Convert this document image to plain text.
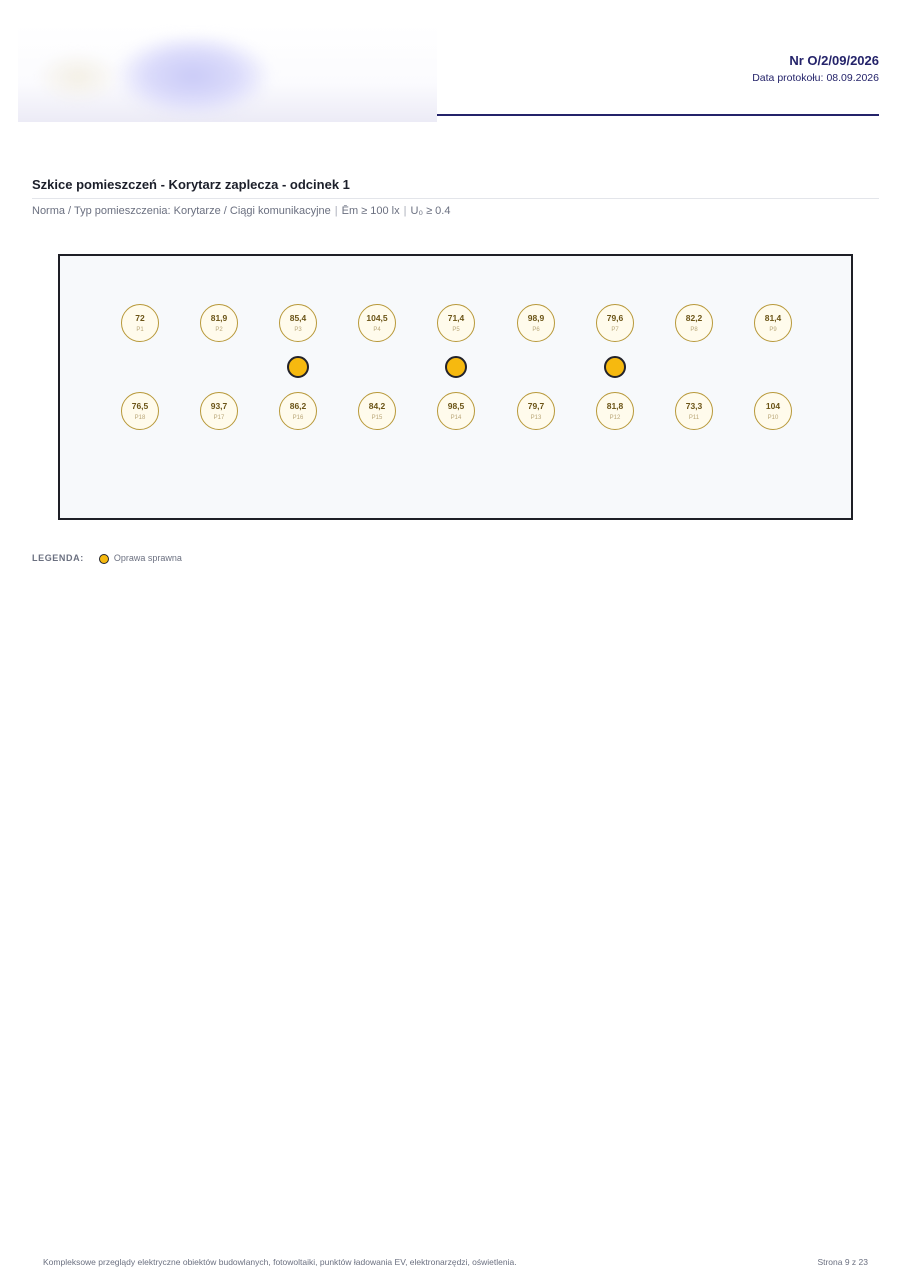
Nr O/2/09/2026
Data protokołu: 08.09.2026
Szkice pomieszczeń - Korytarz zaplecza - odcinek 1
Norma / Typ pomieszczenia: Korytarze / Ciągi komunikacyjne | Ēm ≥ 100 lx | U₀ ≥ 0.4
72
P1
81,9
P2
85,4
P3
104,5
P4
71,4
P5
98,9
P6
79,6
P7
82,2
P8
81,4
P9
76,5
P18
93,7
P17
86,2
P16
84,2
P15
98,5
P14
79,7
P13
81,8
P12
73,3
P11
104
P10
LEGENDA:	Oprawa sprawna
Kompleksowe przeglądy elektryczne obiektów budowlanych, fotowoltaiki, punktów ładowania EV, elektronarzędzi, oświetlenia.	Strona 9 z 23
